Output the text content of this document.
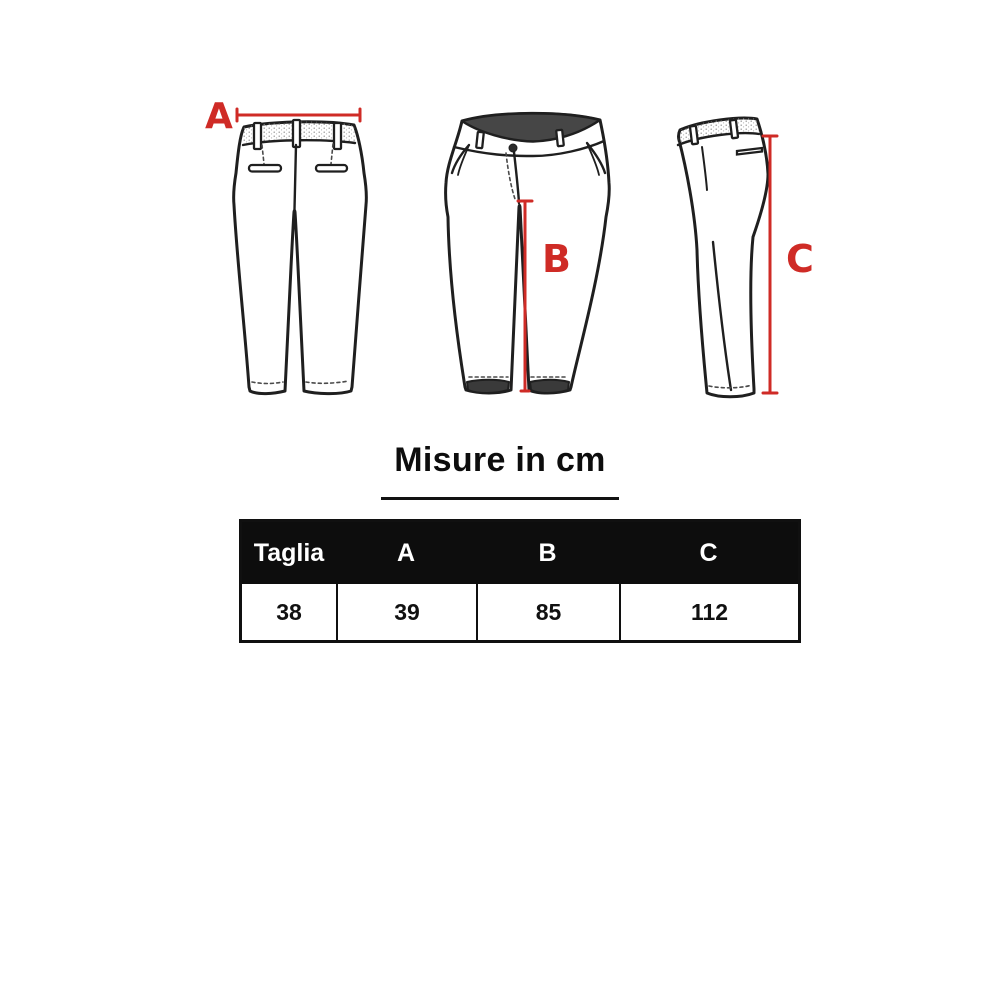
A
B	C
Misure in cm
Taglia	A	B	C
38	39	85	112
